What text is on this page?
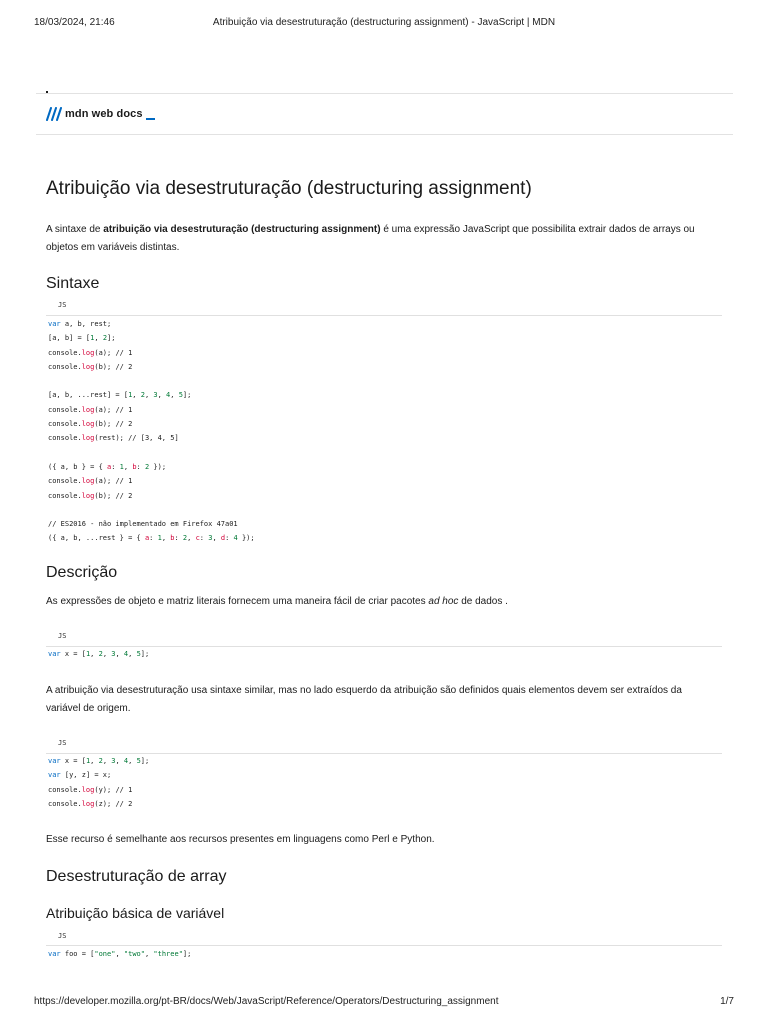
18/03/2024, 21:46	Atribuição via desestruturação (destructuring assignment) - JavaScript | MDN
mdn web docs
Atribuição via desestruturação (destructuring assignment)

A sintaxe de atribuição via desestruturação (destructuring assignment) é uma expressão JavaScript que possibilita extrair dados de arrays ou objetos em variáveis distintas.

Sintaxe
Descrição

As expressões de objeto e matriz literais fornecem uma maneira fácil de criar pacotes ad hoc de dados .

A atribuição via desestruturação usa sintaxe similar, mas no lado esquerdo da atribuição são definidos quais elementos devem ser extraídos da variável de origem.

Esse recurso é semelhante aos recursos presentes em linguagens como Perl e Python.

Desestruturação de array
Atribuição básica de variável
JS
var a, b, rest;
[a, b] = [1, 2];
console.log(a); // 1
console.log(b); // 2

[a, b, ...rest] = [1, 2, 3, 4, 5];
console.log(a); // 1
console.log(b); // 2
console.log(rest); // [3, 4, 5]

({ a, b } = { a: 1, b: 2 });
console.log(a); // 1
console.log(b); // 2

// ES2016 - não implementado em Firefox 47a01
({ a, b, ...rest } = { a: 1, b: 2, c: 3, d: 4 });
JS
var x = [1, 2, 3, 4, 5];
JS
var x = [1, 2, 3, 4, 5];
var [y, z] = x;
console.log(y); // 1
console.log(z); // 2
JS
var foo = ["one", "two", "three"];
https://developer.mozilla.org/pt-BR/docs/Web/JavaScript/Reference/Operators/Destructuring_assignment	1/7
